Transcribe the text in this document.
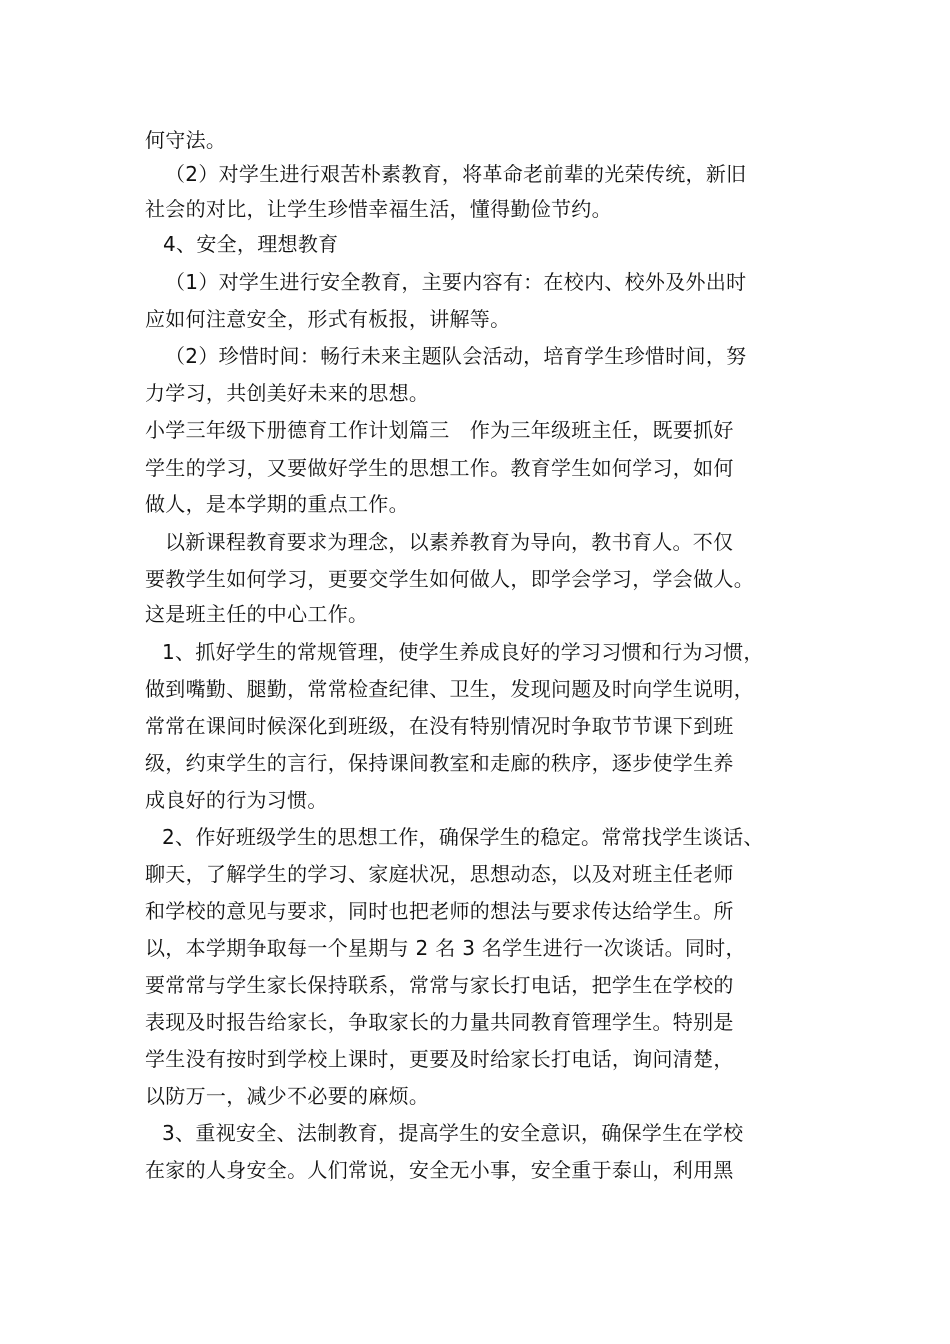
何守法。
（2）对学生进行艰苦朴素教育，将革命老前辈的光荣传统，新旧
社会的对比，让学生珍惜幸福生活，懂得勤俭节约。
4、安全，理想教育
（1）对学生进行安全教育，主要内容有：在校内、校外及外出时
应如何注意安全，形式有板报，讲解等。
（2）珍惜时间：畅行未来主题队会活动，培育学生珍惜时间，努
力学习，共创美好未来的思想。
小学三年级下册德育工作计划篇三　作为三年级班主任，既要抓好
学生的学习，又要做好学生的思想工作。教育学生如何学习，如何
做人，是本学期的重点工作。
以新课程教育要求为理念，以素养教育为导向，教书育人。不仅
要教学生如何学习，更要交学生如何做人，即学会学习，学会做人。
这是班主任的中心工作。
1、抓好学生的常规管理，使学生养成良好的学习习惯和行为习惯，
做到嘴勤、腿勤，常常检查纪律、卫生，发现问题及时向学生说明，
常常在课间时候深化到班级，在没有特别情况时争取节节课下到班
级，约束学生的言行，保持课间教室和走廊的秩序，逐步使学生养
成良好的行为习惯。
2、作好班级学生的思想工作，确保学生的稳定。常常找学生谈话、
聊天，了解学生的学习、家庭状况，思想动态，以及对班主任老师
和学校的意见与要求，同时也把老师的想法与要求传达给学生。所
以，本学期争取每一个星期与 2 名 3 名学生进行一次谈话。同时，
要常常与学生家长保持联系，常常与家长打电话，把学生在学校的
表现及时报告给家长，争取家长的力量共同教育管理学生。特别是
学生没有按时到学校上课时，更要及时给家长打电话，询问清楚，
以防万一，减少不必要的麻烦。
3、重视安全、法制教育，提高学生的安全意识，确保学生在学校
在家的人身安全。人们常说，安全无小事，安全重于泰山，利用黑
